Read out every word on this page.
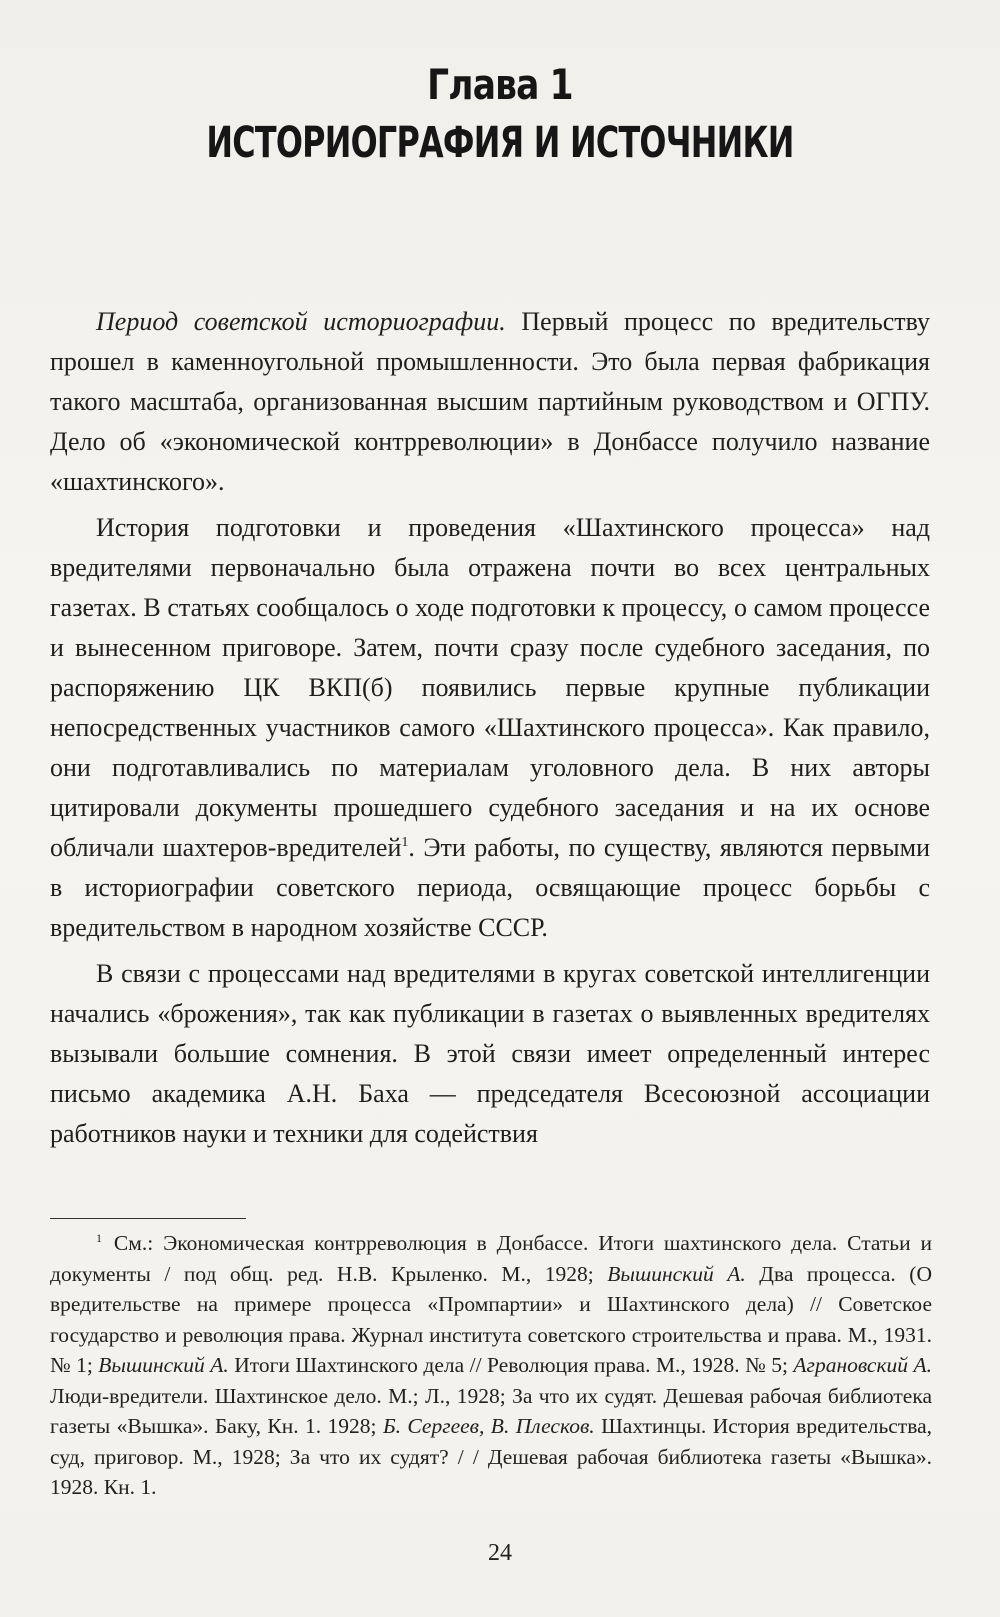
Глава 1
ИСТОРИОГРАФИЯ И ИСТОЧНИКИ

Период советской историографии. Первый процесс по вредительству прошел в каменноугольной промышленности. Это была первая фабрикация такого масштаба, организованная высшим партийным руководством и ОГПУ. Дело об «экономической контрреволюции» в Донбассе получило название «шахтинского».

История подготовки и проведения «Шахтинского процесса» над вредителями первоначально была отражена почти во всех центральных газетах. В статьях сообщалось о ходе подготовки к процессу, о самом процессе и вынесенном приговоре. Затем, почти сразу после судебного заседания, по распоряжению ЦК ВКП(б) появились первые крупные публикации непосредственных участников самого «Шахтинского процесса». Как правило, они подготавливались по материалам уголовного дела. В них авторы цитировали документы прошедшего судебного заседания и на их основе обличали шахтеров-вредителей$^1$. Эти работы, по существу, являются первыми в историографии советского периода, освящающие процесс борьбы с вредительством в народном хозяйстве СССР.

В связи с процессами над вредителями в кругах советской интеллигенции начались «брожения», так как публикации в газетах о выявленных вредителях вызывали большие сомнения. В этой связи имеет определенный интерес письмо академика А.Н. Баха — председателя Всесоюзной ассоциации работников науки и техники для содействия

$^1$ См.: Экономическая контрреволюция в Донбассе. Итоги шахтинского дела. Статьи и документы / под общ. ред. Н.В. Крыленко. М., 1928; Вышинский А. Два процесса. (О вредительстве на примере процесса «Промпартии» и Шахтинского дела) // Советское государство и революция права. Журнал института советского строительства и права. М., 1931. № 1; Вышинский А. Итоги Шахтинского дела // Революция права. М., 1928. № 5; Аграновский А. Люди-вредители. Шахтинское дело. М.; Л., 1928; За что их судят. Дешевая рабочая библиотека газеты «Вышка». Баку, Кн. 1. 1928; Б. Сергеев, В. Плесков. Шахтинцы. История вредительства, суд, приговор. М., 1928; За что их судят? / / Дешевая рабочая библиотека газеты «Вышка». 1928. Кн. 1.

24
